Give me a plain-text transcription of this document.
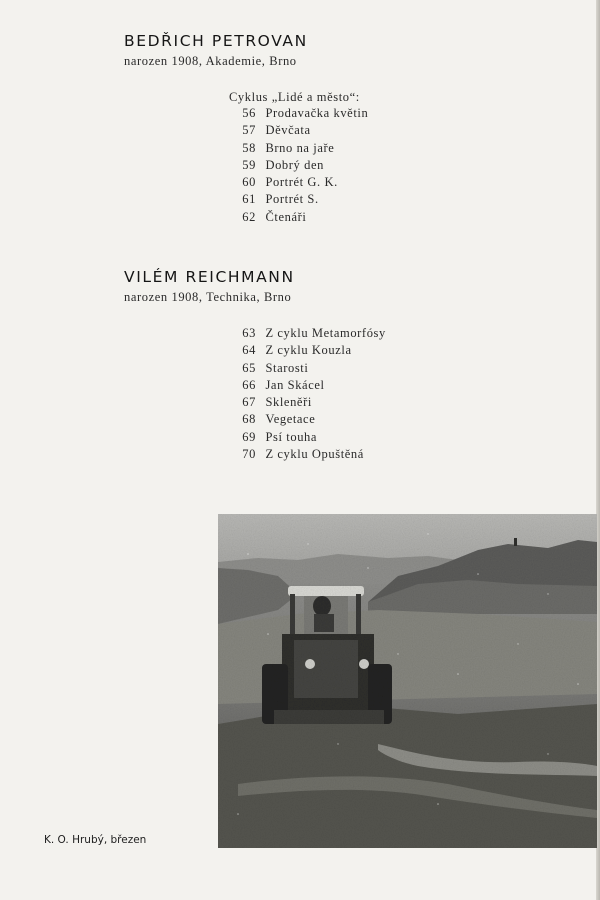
BEDŘICH PETROVAN
narozen 1908, Akademie, Brno
Cyklus „Lidé a město“:
56 Prodavačka květin
57 Děvčata
58 Brno na jaře
59 Dobrý den
60 Portrét G. K.
61 Portrét S.
62 Čtenáři
VILÉM REICHMANN
narozen 1908, Technika, Brno
63 Z cyklu Metamorfósy
64 Z cyklu Kouzla
65 Starosti
66 Jan Skácel
67 Skleněři
68 Vegetace
69 Psí touha
70 Z cyklu Opuštěná
K. O. Hrubý, březen
